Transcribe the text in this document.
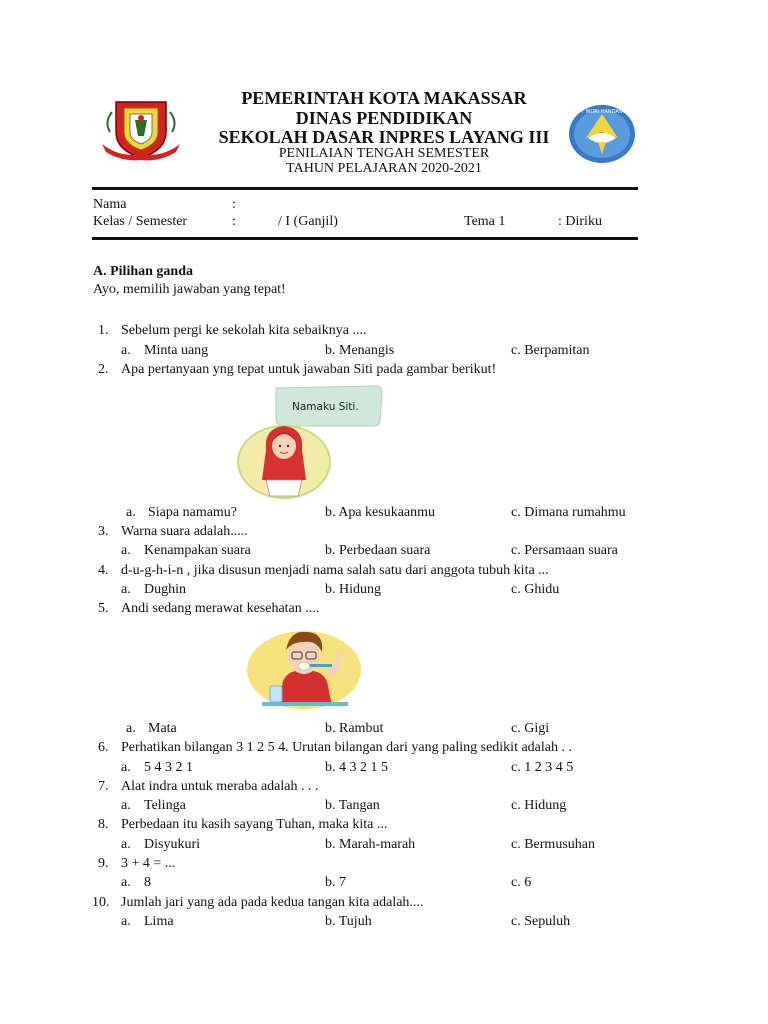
TUT WURI HANDAYANI
PEMERINTAH KOTA MAKASSAR
DINAS PENDIDIKAN
SEKOLAH DASAR INPRES LAYANG III
PENILAIAN TENGAH SEMESTER
TAHUN PELAJARAN 2020-2021
Nama	:
Kelas / Semester	:	/ I (Ganjil)	Tema 1	: Diriku
A. Pilihan ganda
Ayo, memilih jawaban yang tepat!
1. Sebelum pergi ke sekolah kita sebaiknya ....
a. Minta uang	b. Menangis	c. Berpamitan
2. Apa pertanyaan yng tepat untuk jawaban Siti pada gambar berikut!
Namaku Siti.
a. Siapa namamu?	b. Apa kesukaanmu	c. Dimana rumahmu
3. Warna suara adalah.....
a. Kenampakan suara	b. Perbedaan suara	c. Persamaan suara
4. d-u-g-h-i-n , jika disusun menjadi nama salah satu dari anggota tubuh kita ...
a. Dughin	b. Hidung	c. Ghidu
5. Andi sedang merawat kesehatan ....
a. Mata	b. Rambut	c. Gigi
6. Perhatikan bilangan 3 1 2 5 4. Urutan bilangan dari yang paling sedikit adalah . .
a. 5 4 3 2 1	b. 4 3 2 1 5	c. 1 2 3 4 5
7. Alat indra untuk meraba adalah . . .
a. Telinga	b. Tangan	c. Hidung
8. Perbedaan itu kasih sayang Tuhan, maka kita ...
a. Disyukuri	b. Marah-marah	c. Bermusuhan
9. 3 + 4 = ...
a. 8	b. 7	c. 6
10. Jumlah jari yang ada pada kedua tangan kita adalah....
a. Lima	b. Tujuh	c. Sepuluh
